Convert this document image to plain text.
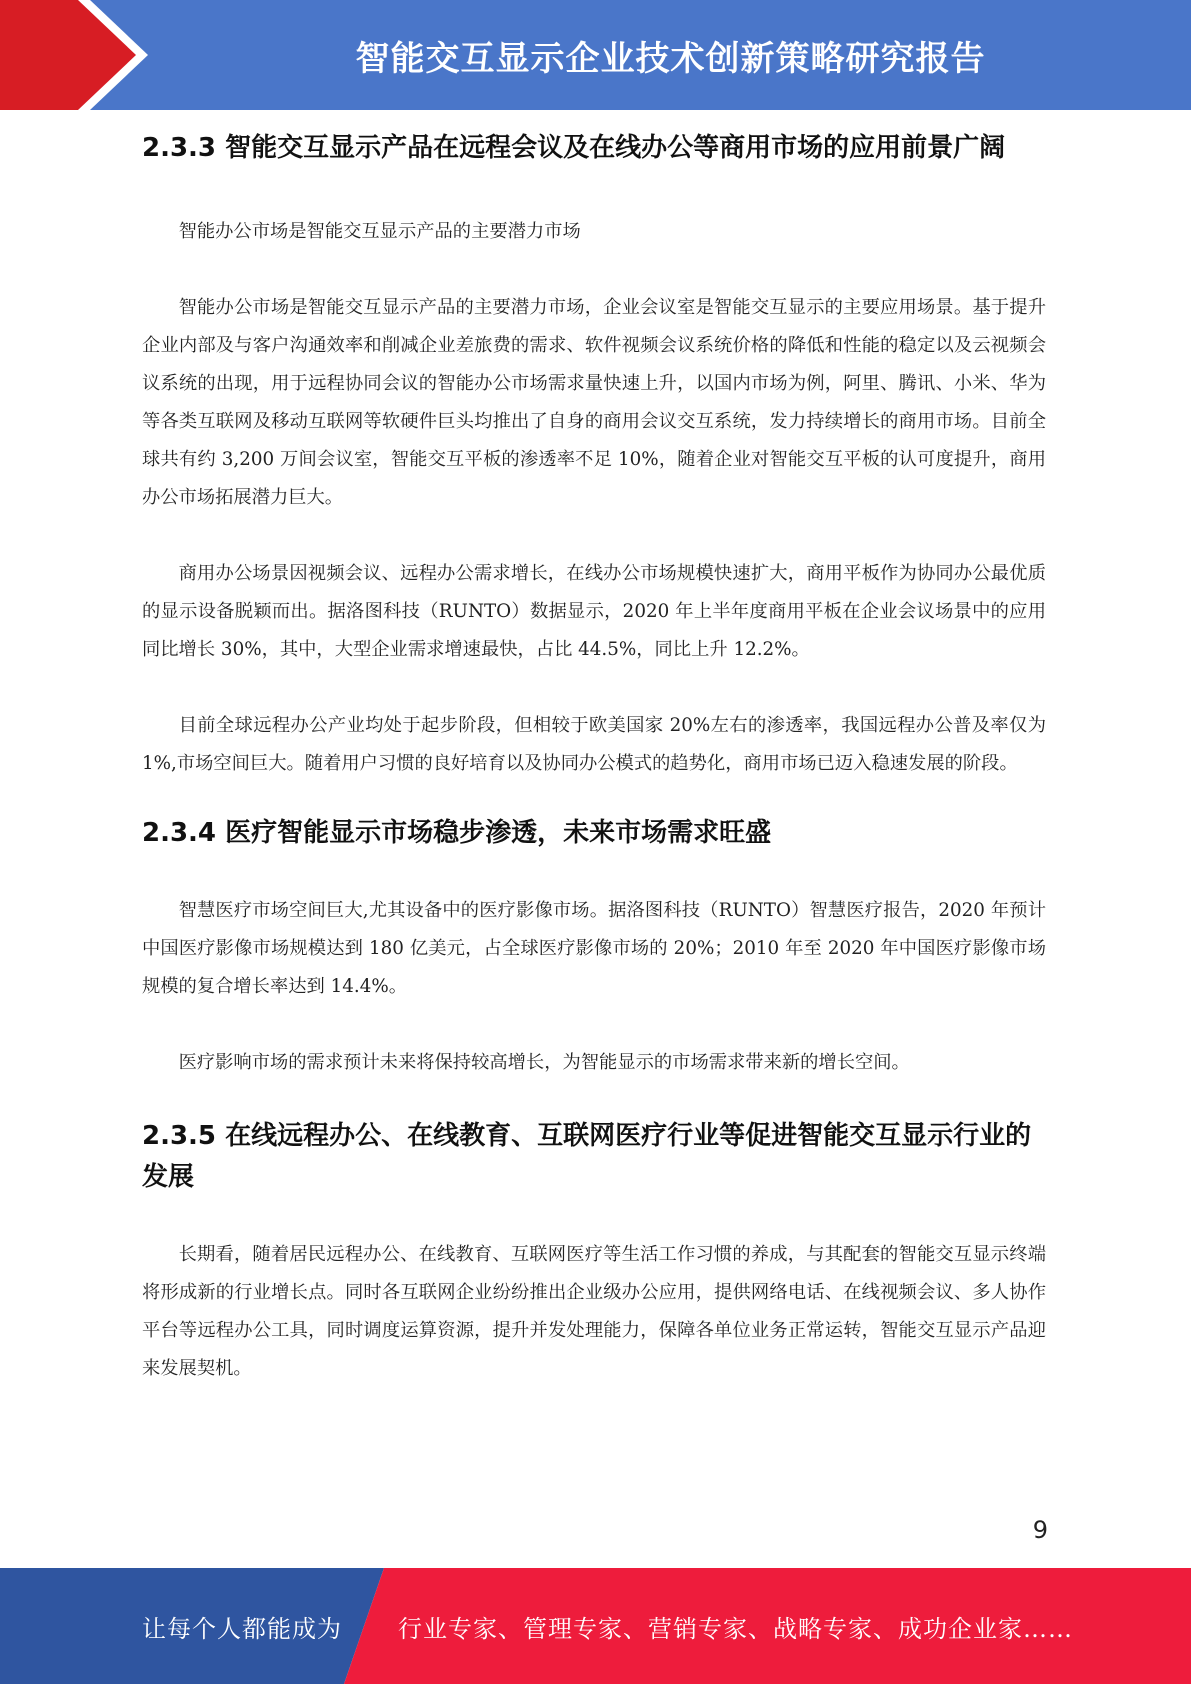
智能交互显示企业技术创新策略研究报告
2.3.3 智能交互显示产品在远程会议及在线办公等商用市场的应用前景广阔

智能办公市场是智能交互显示产品的主要潜力市场

智能办公市场是智能交互显示产品的主要潜力市场，企业会议室是智能交互显示的主要应用场景。基于提升企业内部及与客户沟通效率和削减企业差旅费的需求、软件视频会议系统价格的降低和性能的稳定以及云视频会议系统的出现，用于远程协同会议的智能办公市场需求量快速上升，以国内市场为例，阿里、腾讯、小米、华为等各类互联网及移动互联网等软硬件巨头均推出了自身的商用会议交互系统，发力持续增长的商用市场。目前全球共有约 3,200 万间会议室，智能交互平板的渗透率不足 10%，随着企业对智能交互平板的认可度提升，商用办公市场拓展潜力巨大。

商用办公场景因视频会议、远程办公需求增长，在线办公市场规模快速扩大，商用平板作为协同办公最优质的显示设备脱颖而出。据洛图科技（RUNTO）数据显示，2020 年上半年度商用平板在企业会议场景中的应用同比增长 30%，其中，大型企业需求增速最快，占比 44.5%，同比上升 12.2%。

目前全球远程办公产业均处于起步阶段，但相较于欧美国家 20%左右的渗透率，我国远程办公普及率仅为 1%,市场空间巨大。随着用户习惯的良好培育以及协同办公模式的趋势化，商用市场已迈入稳速发展的阶段。

2.3.4 医疗智能显示市场稳步渗透，未来市场需求旺盛

智慧医疗市场空间巨大,尤其设备中的医疗影像市场。据洛图科技（RUNTO）智慧医疗报告，2020 年预计中国医疗影像市场规模达到 180 亿美元，占全球医疗影像市场的 20%；2010 年至 2020 年中国医疗影像市场规模的复合增长率达到 14.4%。

医疗影响市场的需求预计未来将保持较高增长，为智能显示的市场需求带来新的增长空间。

2.3.5 在线远程办公、在线教育、互联网医疗行业等促进智能交互显示行业的发展

长期看，随着居民远程办公、在线教育、互联网医疗等生活工作习惯的养成，与其配套的智能交互显示终端将形成新的行业增长点。同时各互联网企业纷纷推出企业级办公应用，提供网络电话、在线视频会议、多人协作平台等远程办公工具，同时调度运算资源，提升并发处理能力，保障各单位业务正常运转，智能交互显示产品迎来发展契机。

9
让每个人都能成为 行业专家、管理专家、营销专家、战略专家、成功企业家……
